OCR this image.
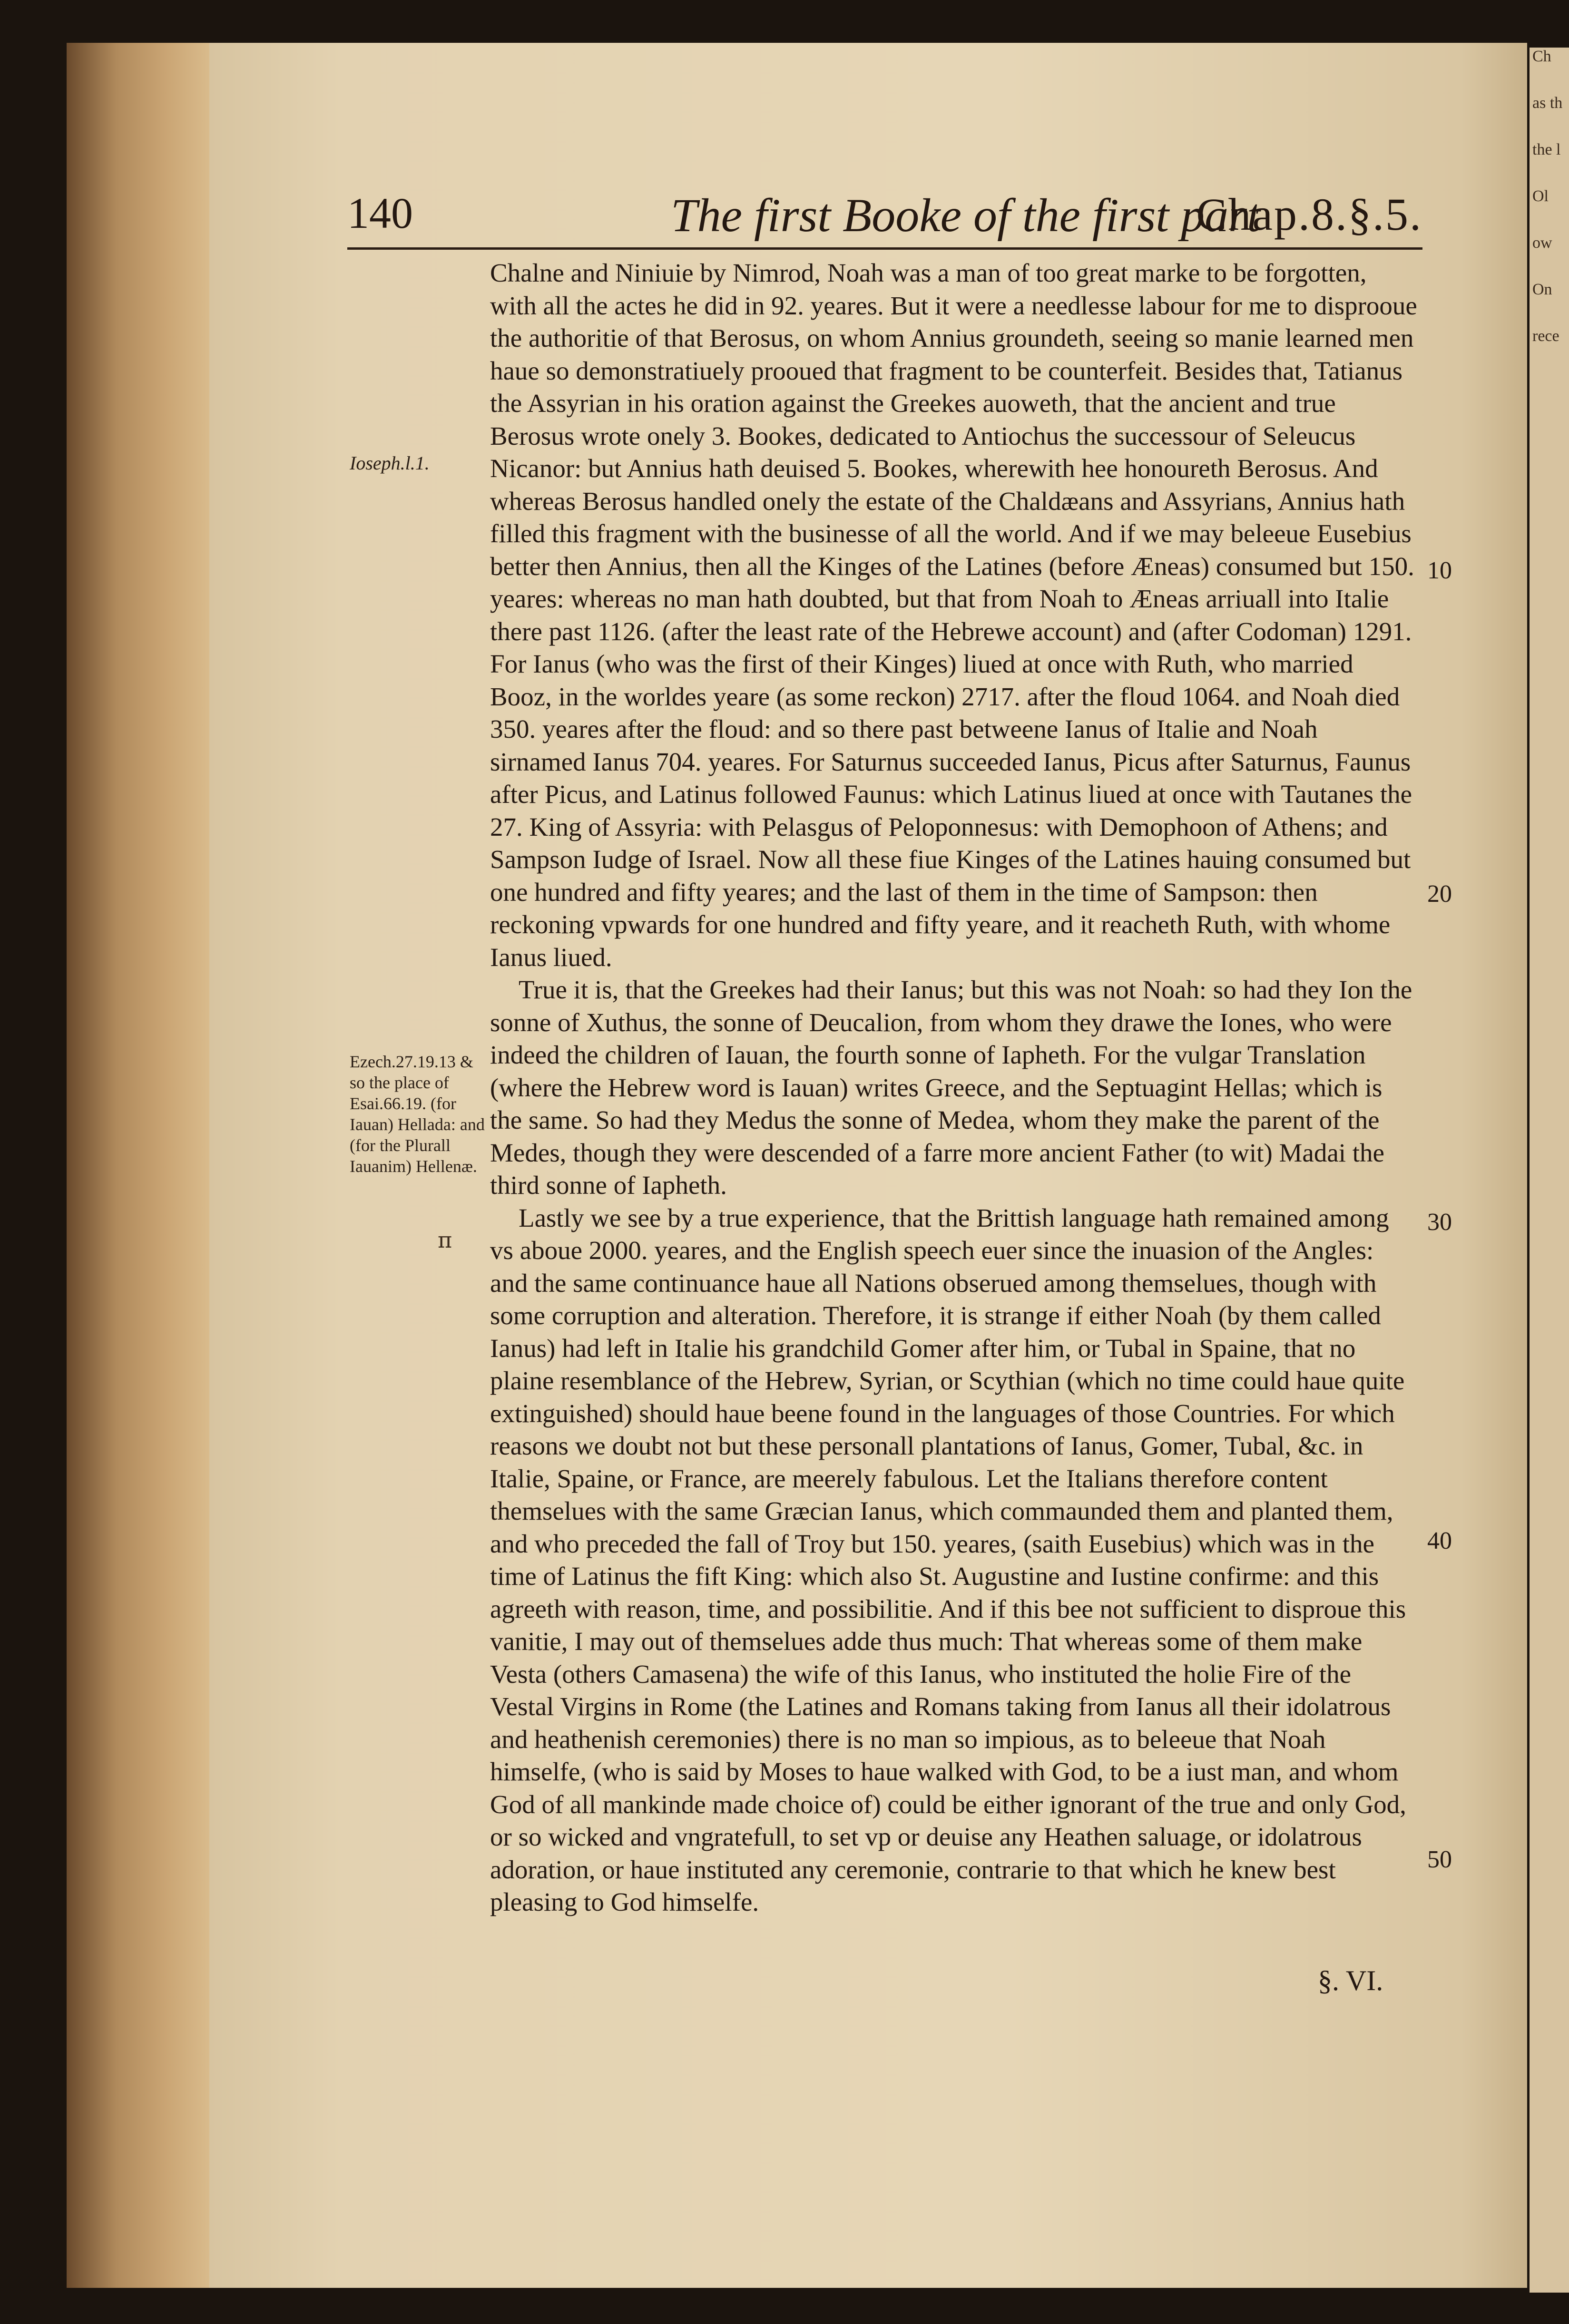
Ch
as th
the l
Ol
ow
On
rece
140	The first Booke of the first part
Chap.8.§.5.
Ioseph.l.1.
Ezech.27.19.13 & so the place of Esai.66.19. (for Iauan) Hellada: and (for the Plurall Iauanim) Hellenæ.
π

Chalne and Niniuie by Nimrod, Noah was a man of too great marke to be forgotten, with all the actes he did in 92. yeares. But it were a needlesse labour for me to disprooue the authoritie of that Berosus, on whom Annius groundeth, seeing so manie learned men haue so demonstratiuely prooued that fragment to be counterfeit. Besides that, Tatianus the Assyrian in his oration against the Greekes auoweth, that the ancient and true Berosus wrote onely 3. Bookes, dedicated to Antiochus the successour of Seleucus Nicanor: but Annius hath deuised 5. Bookes, wherewith hee honoureth Berosus. And whereas Berosus handled onely the estate of the Chaldæans and Assyrians, Annius hath filled this fragment with the businesse of all the world. And if we may beleeue Eusebius better then Annius, then all the Kinges of the Latines (before Æneas) consumed but 150. yeares: whereas no man hath doubted, but that from Noah to Æneas arriuall into Italie there past 1126. (after the least rate of the Hebrewe account) and (after Codoman) 1291. For Ianus (who was the first of their Kinges) liued at once with Ruth, who married Booz, in the worldes yeare (as some reckon) 2717. after the floud 1064. and Noah died 350. yeares after the floud: and so there past betweene Ianus of Italie and Noah sirnamed Ianus 704. yeares. For Saturnus succeeded Ianus, Picus after Saturnus, Faunus after Picus, and Latinus followed Faunus: which Latinus liued at once with Tautanes the 27. King of Assyria: with Pelasgus of Peloponnesus: with Demophoon of Athens; and Sampson Iudge of Israel. Now all these fiue Kinges of the Latines hauing consumed but one hundred and fifty yeares; and the last of them in the time of Sampson: then reckoning vpwards for one hundred and fifty yeare, and it reacheth Ruth, with whome Ianus liued.

True it is, that the Greekes had their Ianus; but this was not Noah: so had they Ion the sonne of Xuthus, the sonne of Deucalion, from whom they drawe the Iones, who were indeed the children of Iauan, the fourth sonne of Iapheth. For the vulgar Translation (where the Hebrew word is Iauan) writes Greece, and the Septuagint Hellas; which is the same. So had they Medus the sonne of Medea, whom they make the parent of the Medes, though they were descended of a farre more ancient Father (to wit) Madai the third sonne of Iapheth.

Lastly we see by a true experience, that the Brittish language hath remained among vs aboue 2000. yeares, and the English speech euer since the inuasion of the Angles: and the same continuance haue all Nations obserued among themselues, though with some corruption and alteration. Therefore, it is strange if either Noah (by them called Ianus) had left in Italie his grandchild Gomer after him, or Tubal in Spaine, that no plaine resemblance of the Hebrew, Syrian, or Scythian (which no time could haue quite extinguished) should haue beene found in the languages of those Countries. For which reasons we doubt not but these personall plantations of Ianus, Gomer, Tubal, &c. in Italie, Spaine, or France, are meerely fabulous. Let the Italians therefore content themselues with the same Græcian Ianus, which commaunded them and planted them, and who preceded the fall of Troy but 150. yeares, (saith Eusebius) which was in the time of Latinus the fift King: which also St. Augustine and Iustine confirme: and this agreeth with reason, time, and possibilitie. And if this bee not sufficient to disproue this vanitie, I may out of themselues adde thus much: That whereas some of them make Vesta (others Camasena) the wife of this Ianus, who instituted the holie Fire of the Vestal Virgins in Rome (the Latines and Romans taking from Ianus all their idolatrous and heathenish ceremonies) there is no man so impious, as to beleeue that Noah himselfe, (who is said by Moses to haue walked with God, to be a iust man, and whom God of all mankinde made choice of) could be either ignorant of the true and only God, or so wicked and vngratefull, to set vp or deuise any Heathen saluage, or idolatrous adoration, or haue instituted any ceremonie, contrarie to that which he knew best pleasing to God himselfe.

10
20
30
40
50
§. VI.
